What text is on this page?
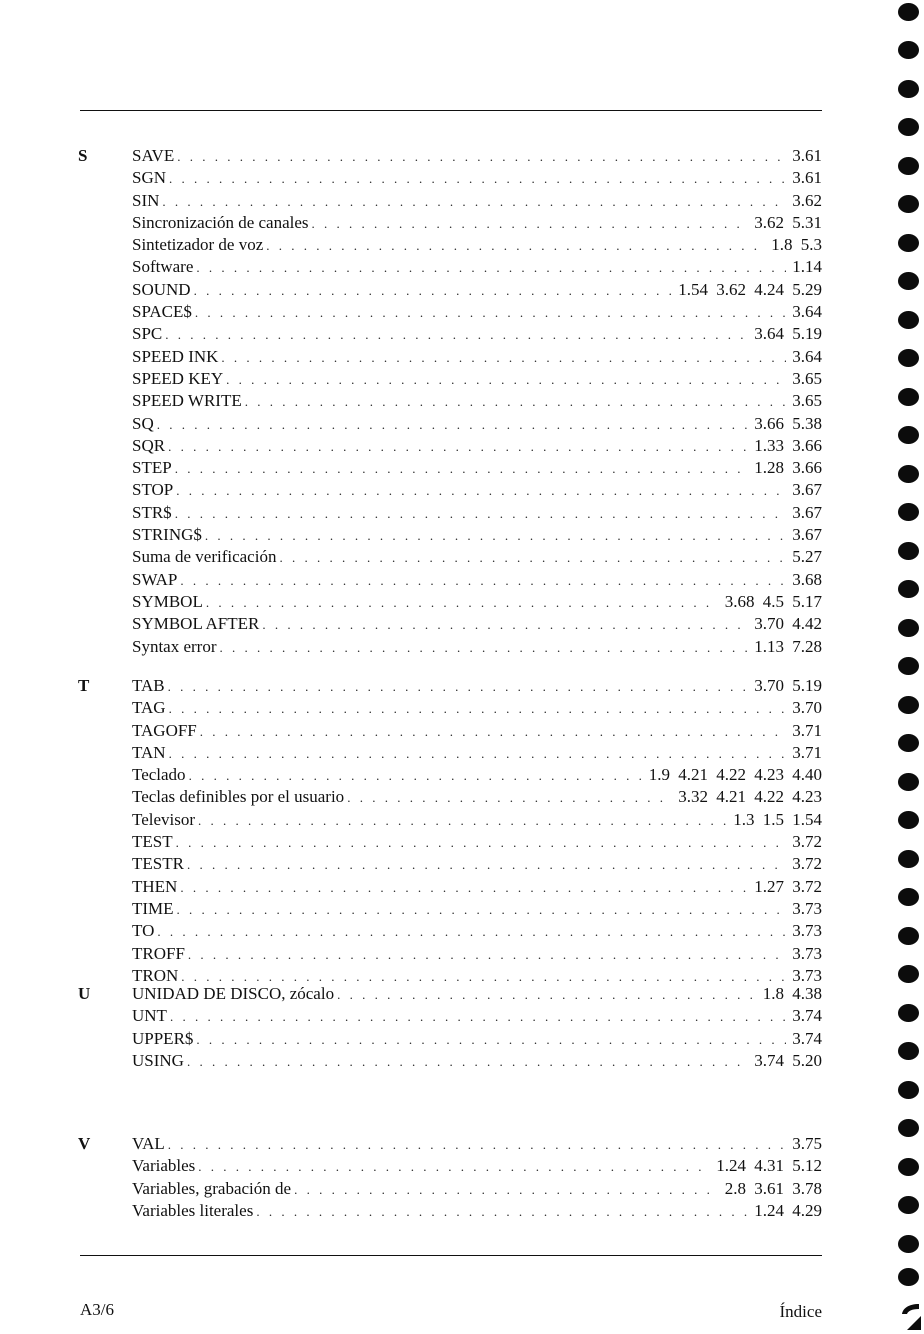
S	SAVE . . .	3.61
SGN . . .	3.61
SIN . . .	3.62
Sincronización de canales . . .	3.62 5.31
Sintetizador de voz . . .	1.8 5.3
Software . . .	1.14
SOUND . . .	1.54 3.62 4.24 5.29
SPACE$ . . .	3.64
SPC . . .	3.64 5.19
SPEED INK . . .	3.64
SPEED KEY . . .	3.65
SPEED WRITE . . .	3.65
SQ . . .	3.66 5.38
SQR . . .	1.33 3.66
STEP . . .	1.28 3.66
STOP . . .	3.67
STR$ . . .	3.67
STRING$ . . .	3.67
Suma de verificación . . .	5.27
SWAP . . .	3.68
SYMBOL . . .	3.68 4.5 5.17
SYMBOL AFTER . . .	3.70 4.42
Syntax error . . .	1.13 7.28
T	TAB . . .	3.70 5.19
TAG . . .	3.70
TAGOFF . . .	3.71
TAN . . .	3.71
Teclado . . .	1.9 4.21 4.22 4.23 4.40
Teclas definibles por el usuario . . .	3.32 4.21 4.22 4.23
Televisor . . .	1.3 1.5 1.54
TEST . . .	3.72
TESTR . . .	3.72
THEN . . .	1.27 3.72
TIME . . .	3.73
TO . . .	3.73
TROFF . . .	3.73
TRON . . .	3.73
U UNIDAD DE DISCO, zócalo . . .	1.8 4.38
UNT . . .	3.74
UPPER$ . . .	3.74
USING . . .	3.74 5.20
V VAL . . .	3.75
Variables . . .	1.24 4.31 5.12
Variables, grabación de . . .	2.8 3.61 3.78
Variables literales . . .	1.24 4.29
A3/6	Índice
